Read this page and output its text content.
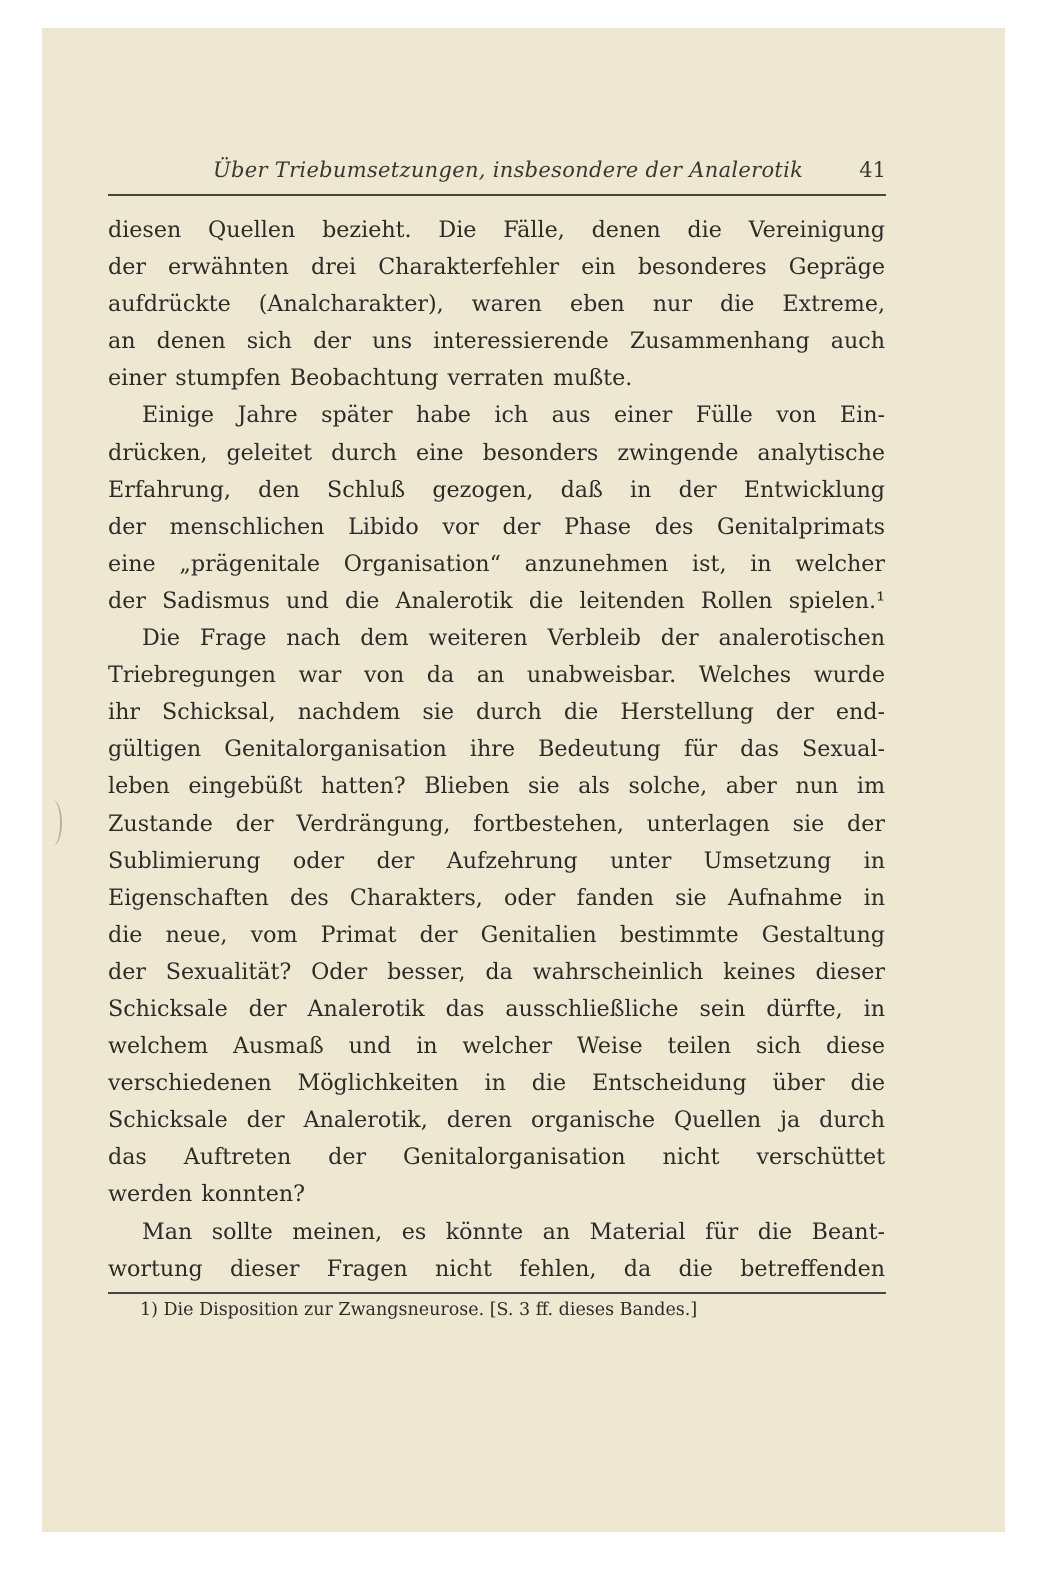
Über Triebumsetzungen, insbesondere der Analerotik	41
diesen Quellen bezieht. Die Fälle, denen die Vereinigung
der erwähnten drei Charakterfehler ein besonderes Gepräge
aufdrückte (Analcharakter), waren eben nur die Extreme,
an denen sich der uns interessierende Zusammenhang auch
einer stumpfen Beobachtung verraten mußte.
Einige Jahre später habe ich aus einer Fülle von Ein-
drücken, geleitet durch eine besonders zwingende analytische
Erfahrung, den Schluß gezogen, daß in der Entwicklung
der menschlichen Libido vor der Phase des Genitalprimats
eine „prägenitale Organisation“ anzunehmen ist, in welcher
der Sadismus und die Analerotik die leitenden Rollen spielen.¹
Die Frage nach dem weiteren Verbleib der analerotischen
Triebregungen war von da an unabweisbar. Welches wurde
ihr Schicksal, nachdem sie durch die Herstellung der end-
gültigen Genitalorganisation ihre Bedeutung für das Sexual-
leben eingebüßt hatten? Blieben sie als solche, aber nun im
Zustande der Verdrängung, fortbestehen, unterlagen sie der
Sublimierung oder der Aufzehrung unter Umsetzung in
Eigenschaften des Charakters, oder fanden sie Aufnahme in
die neue, vom Primat der Genitalien bestimmte Gestaltung
der Sexualität? Oder besser, da wahrscheinlich keines dieser
Schicksale der Analerotik das ausschließliche sein dürfte, in
welchem Ausmaß und in welcher Weise teilen sich diese
verschiedenen Möglichkeiten in die Entscheidung über die
Schicksale der Analerotik, deren organische Quellen ja durch
das Auftreten der Genitalorganisation nicht verschüttet
werden konnten?
Man sollte meinen, es könnte an Material für die Beant-
wortung dieser Fragen nicht fehlen, da die betreffenden
1) Die Disposition zur Zwangsneurose. [S. 3 ff. dieses Bandes.]
